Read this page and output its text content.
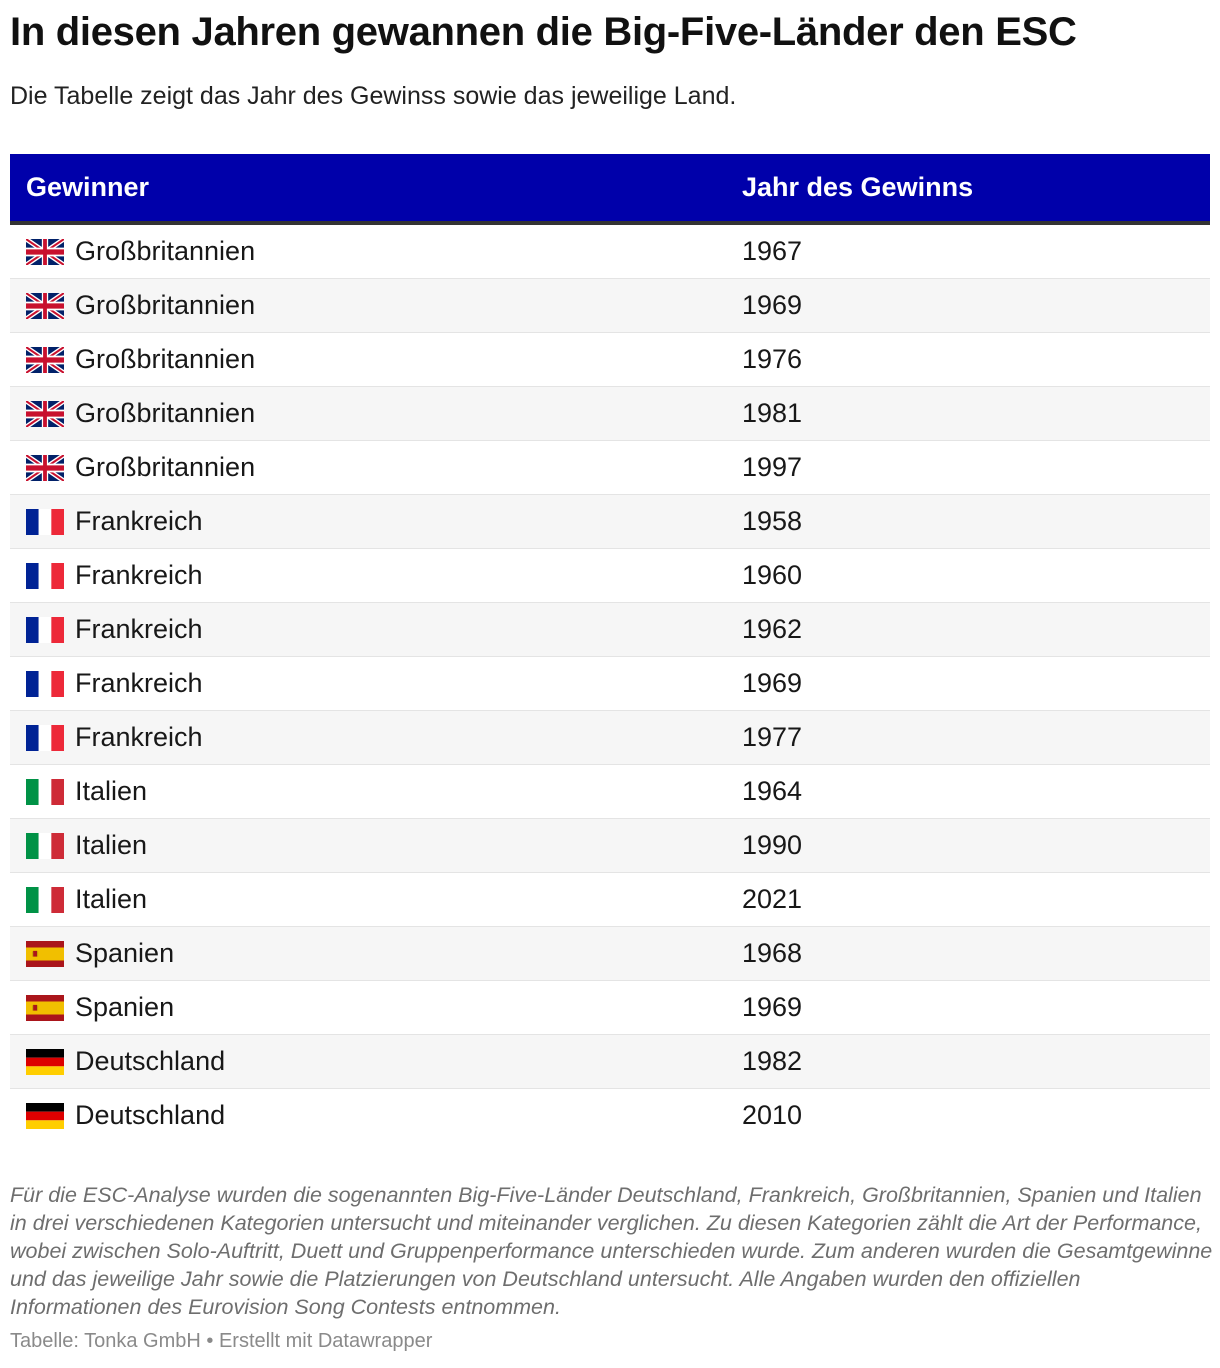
In diesen Jahren gewannen die Big-Five-Länder den ESC

Die Tabelle zeigt das Jahr des Gewinss sowie das jeweilige Land.

Gewinner	Jahr des Gewinns
Großbritannien	1967
Großbritannien	1969
Großbritannien	1976
Großbritannien	1981
Großbritannien	1997
Frankreich	1958
Frankreich	1960
Frankreich	1962
Frankreich	1969
Frankreich	1977
Italien	1964
Italien	1990
Italien	2021
Spanien	1968
Spanien	1969
Deutschland	1982
Deutschland	2010

Für die ESC-Analyse wurden die sogenannten Big-Five-Länder Deutschland, Frankreich, Großbritannien, Spanien und Italien in drei verschiedenen Kategorien untersucht und miteinander verglichen. Zu diesen Kategorien zählt die Art der Performance, wobei zwischen Solo-Auftritt, Duett und Gruppenperformance unterschieden wurde. Zum anderen wurden die Gesamtgewinne und das jeweilige Jahr sowie die Platzierungen von Deutschland untersucht. Alle Angaben wurden den offiziellen Informationen des Eurovision Song Contests entnommen.

Tabelle: Tonka GmbH • Erstellt mit Datawrapper
